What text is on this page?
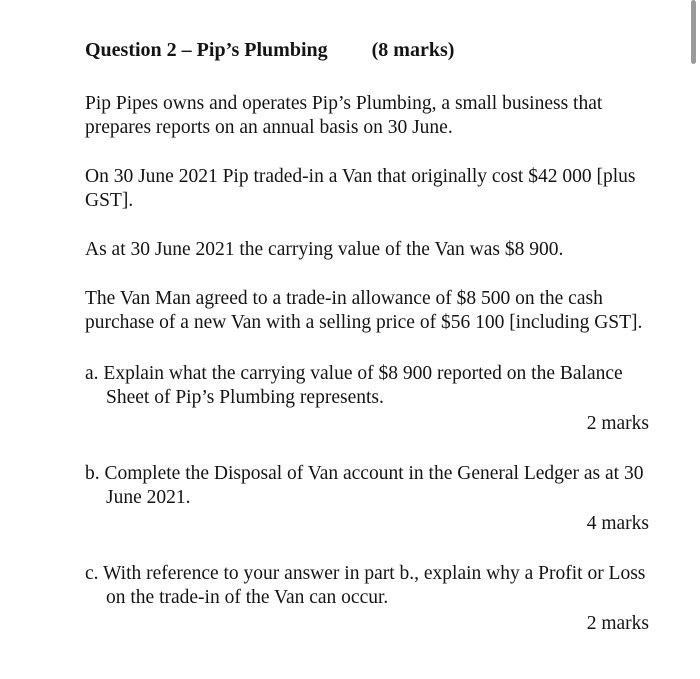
Question 2 – Pip’s Plumbing (8 marks)

Pip Pipes owns and operates Pip’s Plumbing, a small business that prepares reports on an annual basis on 30 June.

On 30 June 2021 Pip traded-in a Van that originally cost $42 000 [plus GST].

As at 30 June 2021 the carrying value of the Van was $8 900.

The Van Man agreed to a trade-in allowance of $8 500 on the cash purchase of a new Van with a selling price of $56 100 [including GST].

a. Explain what the carrying value of $8 900 reported on the Balance Sheet of Pip’s Plumbing represents.

2 marks

b. Complete the Disposal of Van account in the General Ledger as at 30 June 2021.

4 marks

c. With reference to your answer in part b., explain why a Profit or Loss on the trade-in of the Van can occur.

2 marks
